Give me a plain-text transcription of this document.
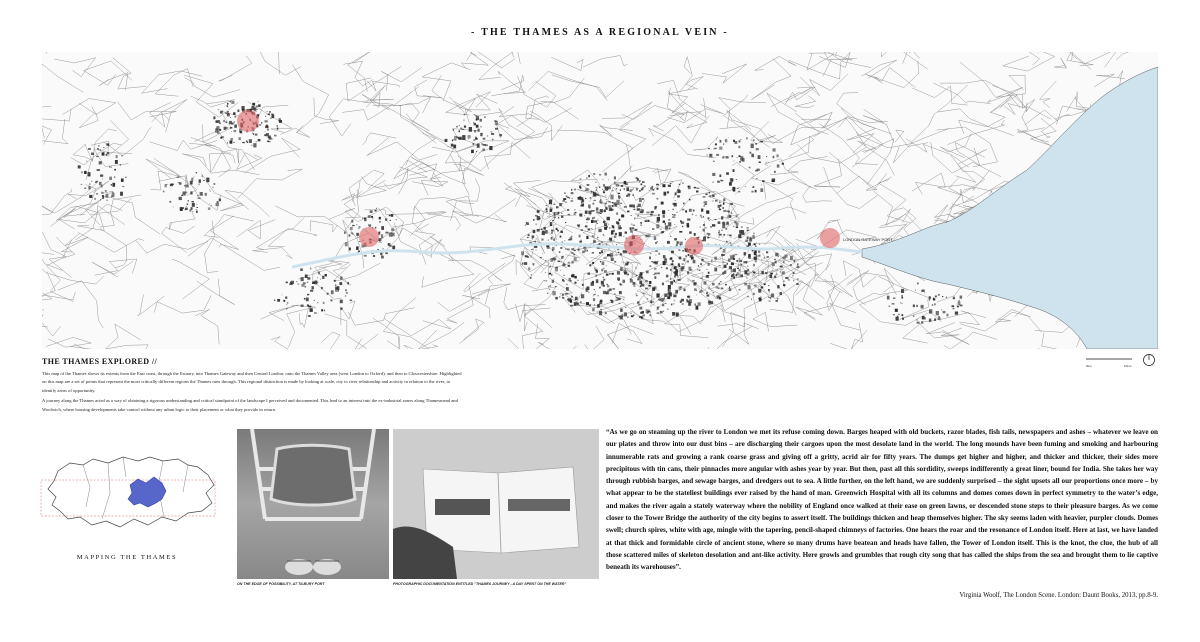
- THE THAMES AS A REGIONAL VEIN -
LONDON GATEWAY PORT
THE THAMES EXPLORED //

This map of the Thames shows its extents from the East coast, through the Estuary, into Thames Gateway and then Central London, onto the Thames Valley area (west London to Oxford), and then to Gloucestershire. Highlighted on this map are a set of points that represent the most critically different regions the Thames runs through. This regional distinction is made by looking at scale, city to river relationship and activity in relation to the river, to identify areas of opportunity.

A journey along the Thames acted as a way of obtaining a rigorous understanding and critical standpoint of the landscape I perceived and documented. This lead to an interest into the ex-industrial zones along Thamesmead and Woolwich, where housing developments take control without any urban logic to their placement or what they provide in return.

0km	10km
MAPPING THE THAMES
ON THE EDGE OF POSSIBILITY, AT TILBURY PORT	PHOTOGRAPHIC DOCUMENTATION ENTITLED "THAMES JOURNEY - A DAY SPENT ON THE WATER"
“As we go on steaming up the river to London we met its refuse coming down. Barges heaped with old buckets, razor blades, fish tails, newspapers and ashes – whatever we leave on our plates and throw into our dust bins – are discharging their cargoes upon the most desolate land in the world. The long mounds have been fuming and smoking and harbouring innumerable rats and growing a rank coarse grass and giving off a gritty, acrid air for fifty years. The dumps get higher and higher, and thicker and thicker, their sides more precipitous with tin cans, their pinnacles more angular with ashes year by year. But then, past all this sordidity, sweeps indifferently a great liner, bound for India. She takes her way through rubbish barges, and sewage barges, and dredgers out to sea. A little further, on the left hand, we are suddenly surprised – the sight upsets all our proportions once more – by what appear to be the stateliest buildings ever raised by the hand of man. Greenwich Hospital with all its columns and domes comes down in perfect symmetry to the water’s edge, and makes the river again a stately waterway where the nobility of England once walked at their ease on green lawns, or descended stone steps to their pleasure barges. As we come closer to the Tower Bridge the authority of the city begins to assert itself. The buildings thicken and heap themselves higher. The sky seems laden with heavier, purpler clouds. Domes swell; church spires, white with age, mingle with the tapering, pencil-shaped chimneys of factories. One hears the roar and the resonance of London itself. Here at last, we have landed at that thick and formidable circle of ancient stone, where so many drums have beatean and heads have fallen, the Tower of London itself. This is the knot, the clue, the hub of all those scattered miles of skeleton desolation and ant-like activity. Here growls and grumbles that rough city song that has called the ships from the sea and brought them to lie captive beneath its warehouses”.
Virginia Woolf, The London Scene. London: Daunt Books, 2013, pp.8-9.
